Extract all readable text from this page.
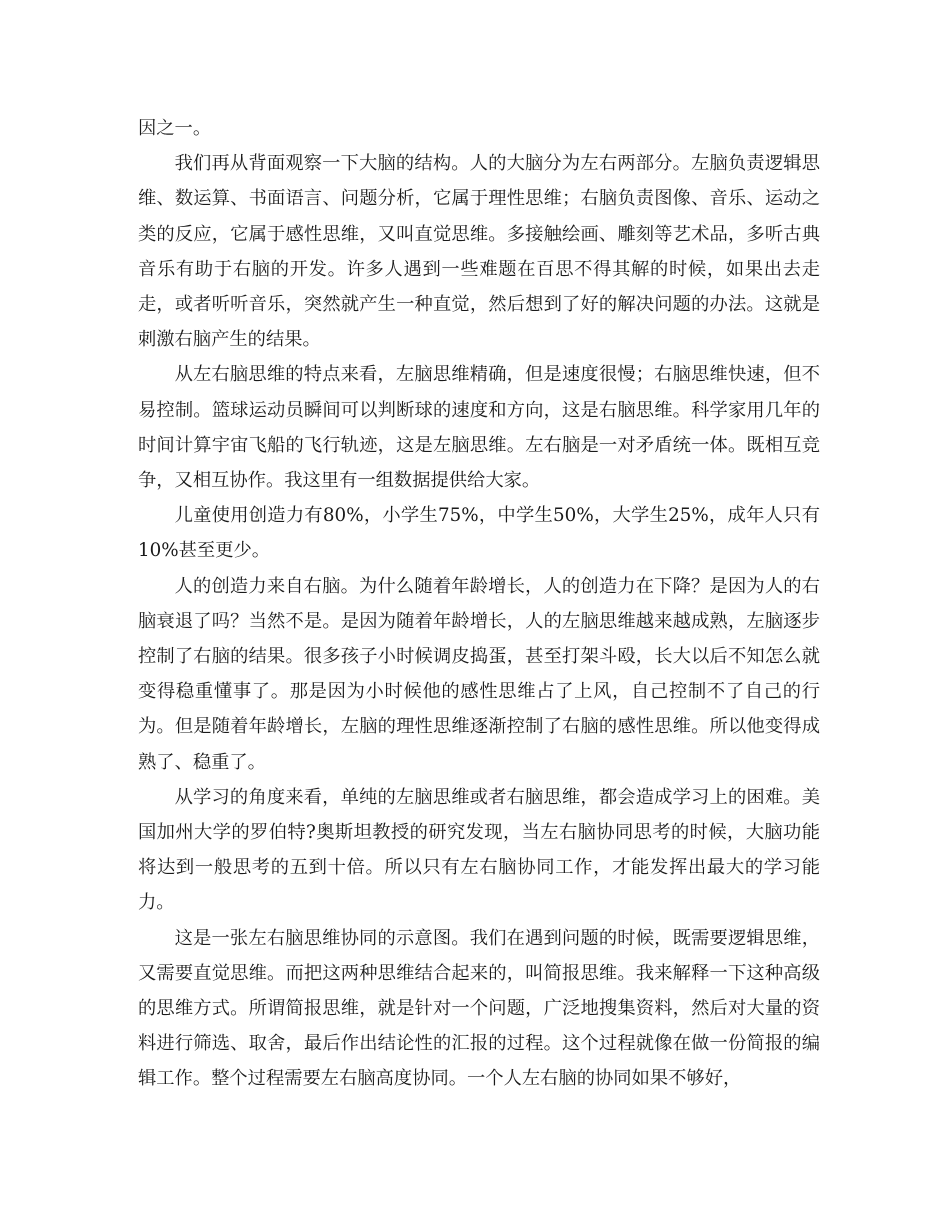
因之一。

我们再从背面观察一下大脑的结构。人的大脑分为左右两部分。左脑负责逻辑思维、数运算、书面语言、问题分析，它属于理性思维；右脑负责图像、音乐、运动之类的反应，它属于感性思维，又叫直觉思维。多接触绘画、雕刻等艺术品，多听古典音乐有助于右脑的开发。许多人遇到一些难题在百思不得其解的时候，如果出去走走，或者听听音乐，突然就产生一种直觉，然后想到了好的解决问题的办法。这就是刺激右脑产生的结果。

从左右脑思维的特点来看，左脑思维精确，但是速度很慢；右脑思维快速，但不易控制。篮球运动员瞬间可以判断球的速度和方向，这是右脑思维。科学家用几年的时间计算宇宙飞船的飞行轨迹，这是左脑思维。左右脑是一对矛盾统一体。既相互竞争，又相互协作。我这里有一组数据提供给大家。

儿童使用创造力有80%，小学生75%，中学生50%，大学生25%，成年人只有10%甚至更少。

人的创造力来自右脑。为什么随着年龄增长，人的创造力在下降？是因为人的右脑衰退了吗？当然不是。是因为随着年龄增长，人的左脑思维越来越成熟，左脑逐步控制了右脑的结果。很多孩子小时候调皮捣蛋，甚至打架斗殴，长大以后不知怎么就变得稳重懂事了。那是因为小时候他的感性思维占了上风，自己控制不了自己的行为。但是随着年龄增长，左脑的理性思维逐渐控制了右脑的感性思维。所以他变得成熟了、稳重了。

从学习的角度来看，单纯的左脑思维或者右脑思维，都会造成学习上的困难。美国加州大学的罗伯特?奥斯坦教授的研究发现，当左右脑协同思考的时候，大脑功能将达到一般思考的五到十倍。所以只有左右脑协同工作，才能发挥出最大的学习能力。

这是一张左右脑思维协同的示意图。我们在遇到问题的时候，既需要逻辑思维，又需要直觉思维。而把这两种思维结合起来的，叫简报思维。我来解释一下这种高级的思维方式。所谓简报思维，就是针对一个问题，广泛地搜集资料，然后对大量的资料进行筛选、取舍，最后作出结论性的汇报的过程。这个过程就像在做一份简报的编辑工作。整个过程需要左右脑高度协同。一个人左右脑的协同如果不够好，
